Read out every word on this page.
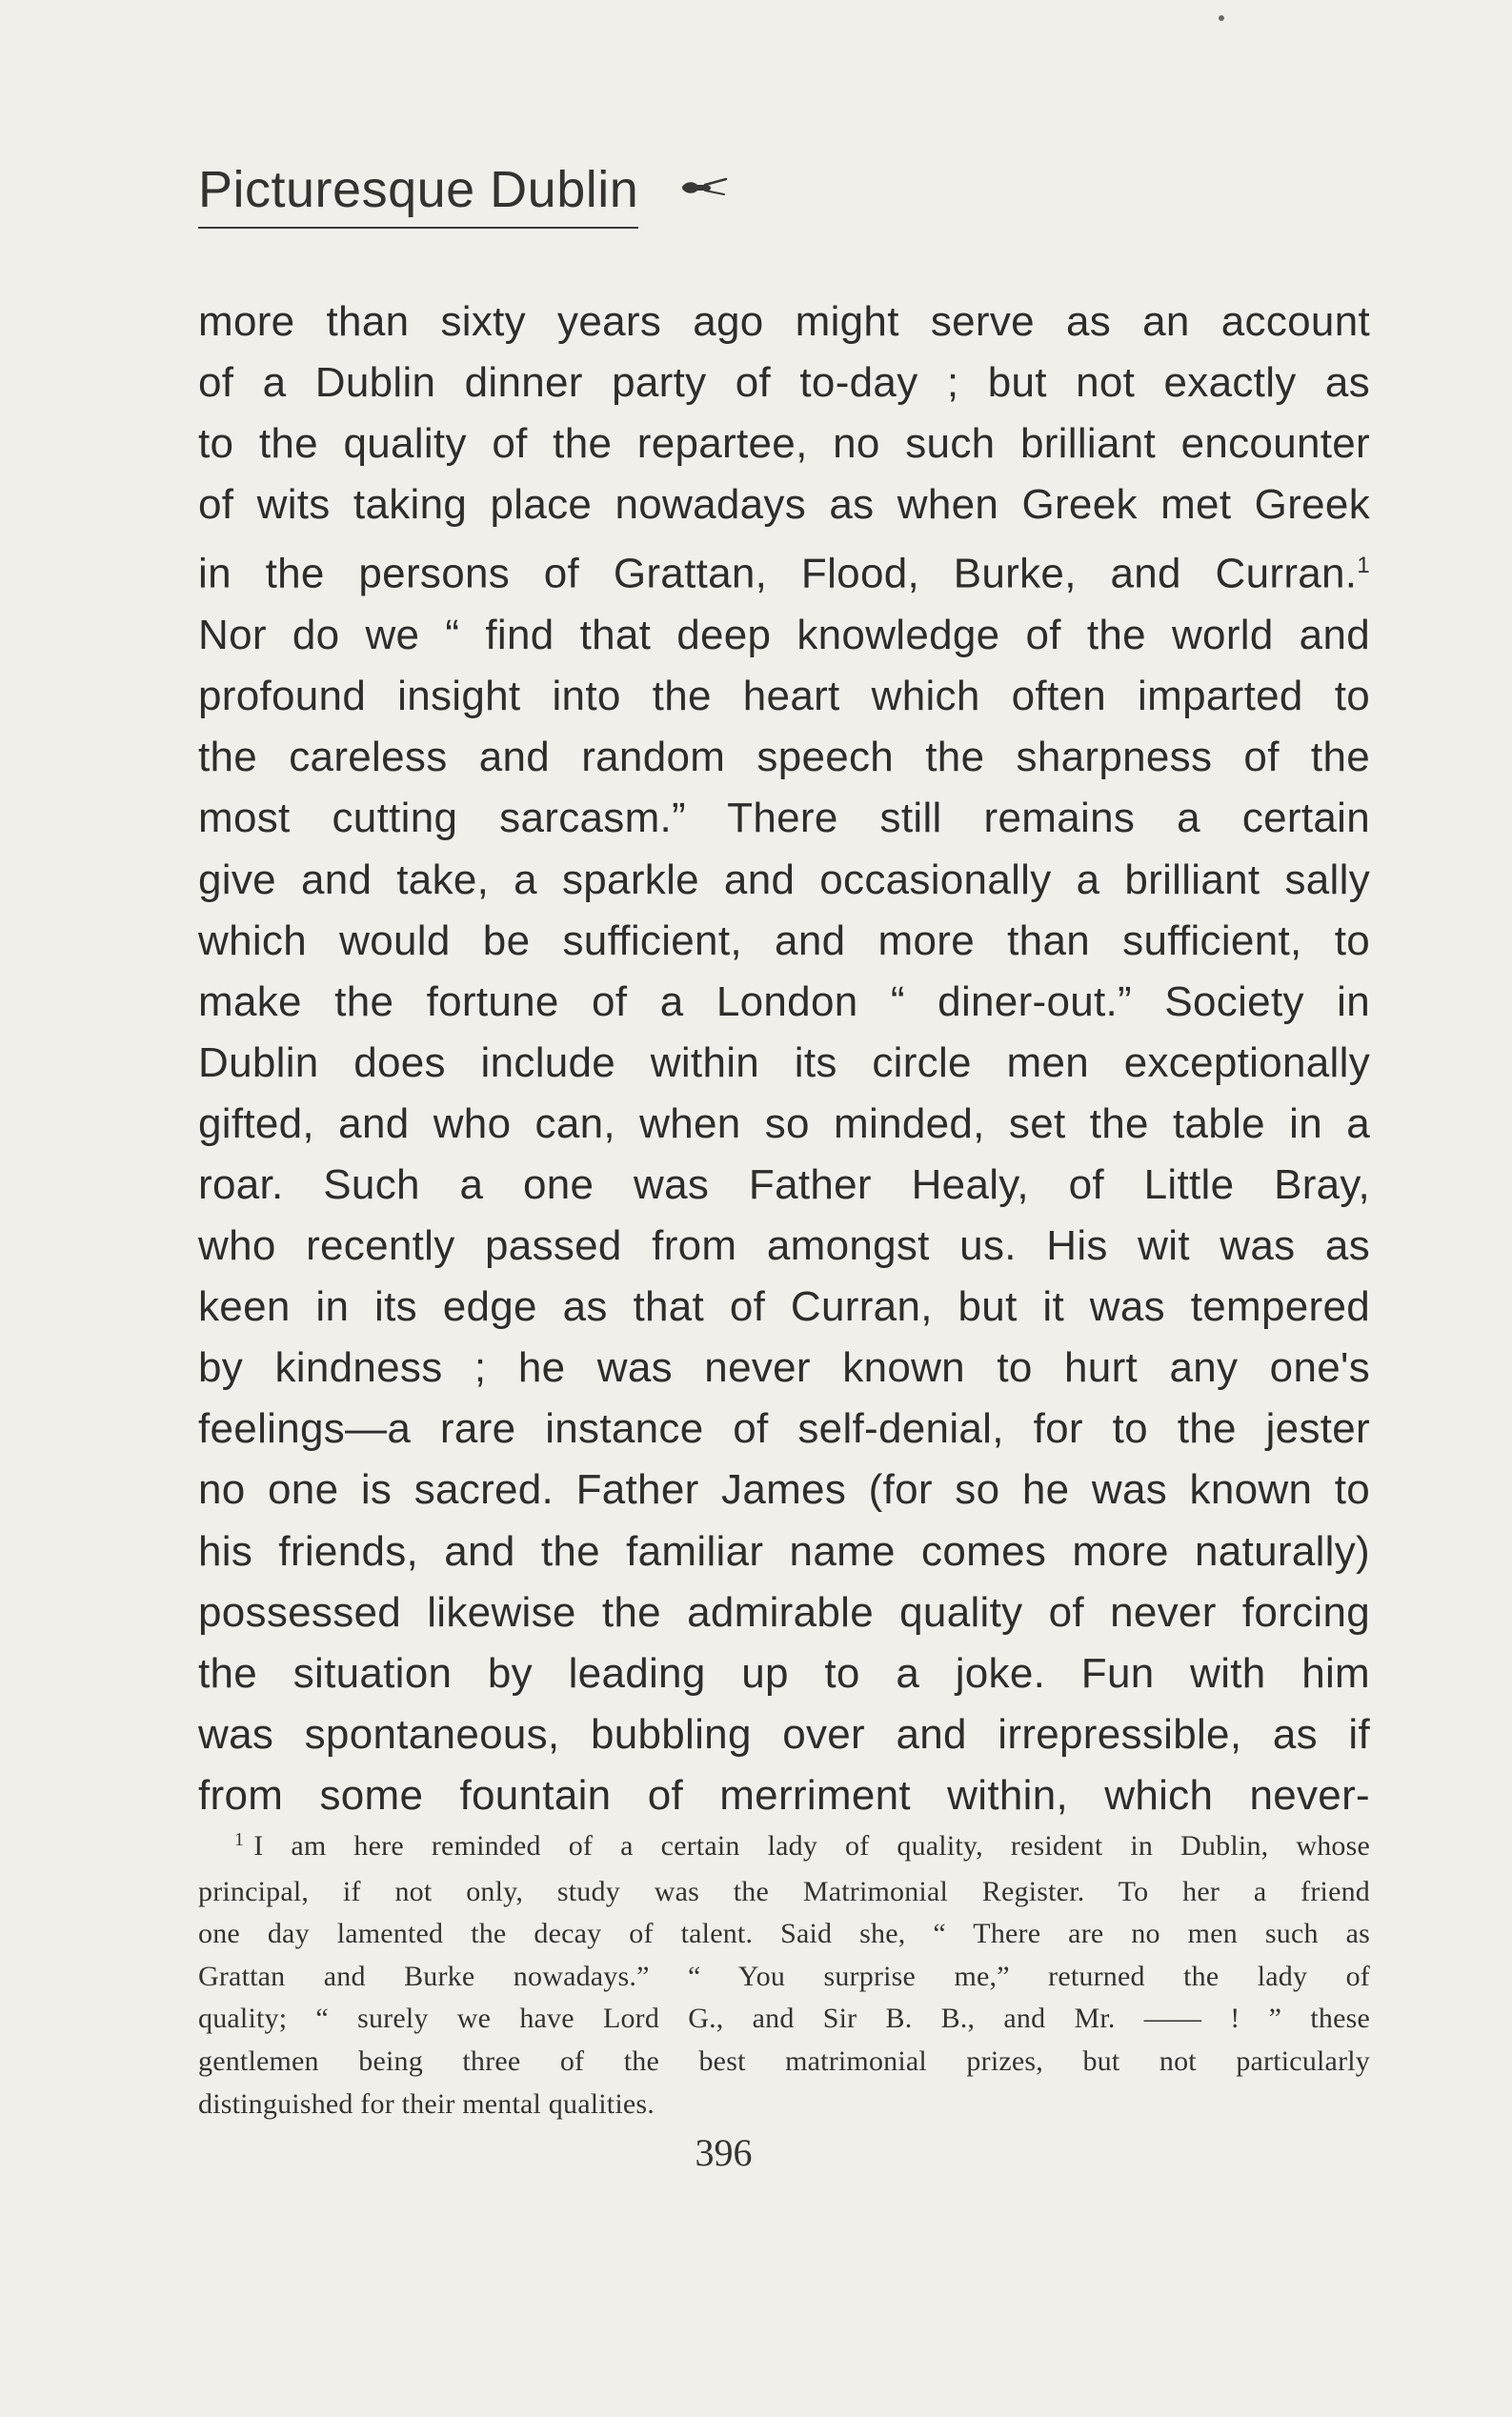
Picturesque Dublin
more than sixty years ago might serve as an account
of a Dublin dinner party of to-day ; but not exactly as
to the quality of the repartee, no such brilliant encounter
of wits taking place nowadays as when Greek met Greek
in the persons of Grattan, Flood, Burke, and Curran.$^1$
Nor do we “ find that deep knowledge of the world and
profound insight into the heart which often imparted to
the careless and random speech the sharpness of the
most cutting sarcasm.” There still remains a certain
give and take, a sparkle and occasionally a brilliant sally
which would be sufficient, and more than sufficient, to
make the fortune of a London “ diner-out.” Society in
Dublin does include within its circle men exceptionally
gifted, and who can, when so minded, set the table in a
roar. Such a one was Father Healy, of Little Bray,
who recently passed from amongst us. His wit was as
keen in its edge as that of Curran, but it was tempered
by kindness ; he was never known to hurt any one's
feelings—a rare instance of self-denial, for to the jester
no one is sacred. Father James (for so he was known to
his friends, and the familiar name comes more naturally)
possessed likewise the admirable quality of never forcing
the situation by leading up to a joke. Fun with him
was spontaneous, bubbling over and irrepressible, as if
from some fountain of merriment within, which never-
$^1$ I am here reminded of a certain lady of quality, resident in Dublin, whose
principal, if not only, study was the Matrimonial Register. To her a friend
one day lamented the decay of talent. Said she, “ There are no men such as
Grattan and Burke nowadays.” “ You surprise me,” returned the lady of
quality; “ surely we have Lord G., and Sir B. B., and Mr. —— ! ” these
gentlemen being three of the best matrimonial prizes, but not particularly
distinguished for their mental qualities.
396
